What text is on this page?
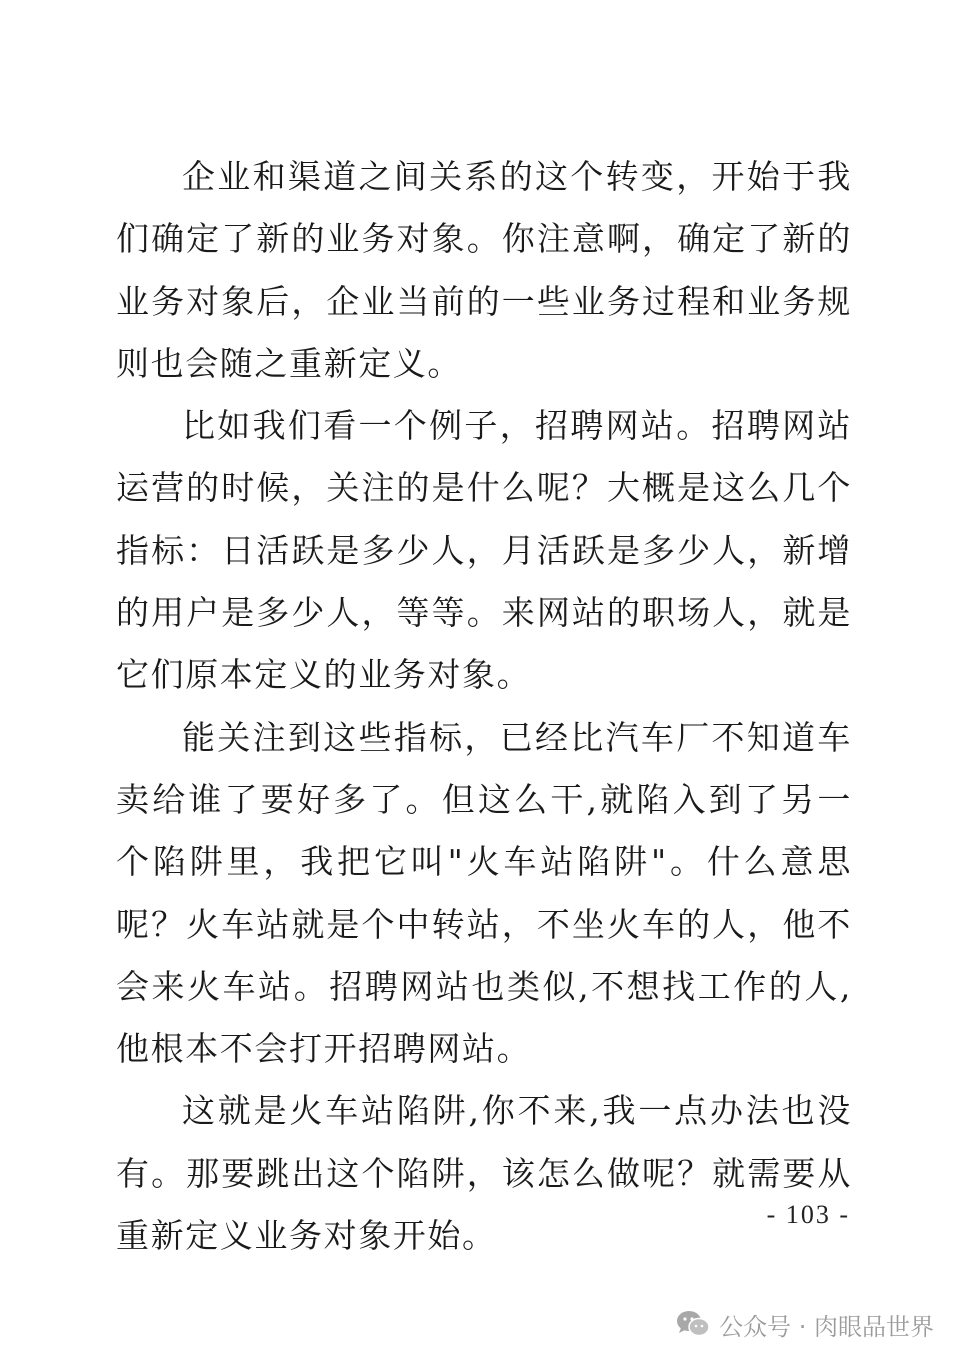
企业和渠道之间关系的这个转变，开始于我们确定了新的业务对象。你注意啊，确定了新的业务对象后，企业当前的一些业务过程和业务规则也会随之重新定义。

比如我们看一个例子，招聘网站。招聘网站运营的时候，关注的是什么呢？大概是这么几个指标：日活跃是多少人，月活跃是多少人，新增的用户是多少人，等等。来网站的职场人，就是它们原本定义的业务对象。

能关注到这些指标，已经比汽车厂不知道车卖给谁了要好多了。但这么干,就陷入到了另一个陷阱里，我把它叫"火车站陷阱"。什么意思呢？火车站就是个中转站，不坐火车的人，他不会来火车站。招聘网站也类似,不想找工作的人,他根本不会打开招聘网站。

这就是火车站陷阱,你不来,我一点办法也没有。那要跳出这个陷阱，该怎么做呢？就需要从重新定义业务对象开始。

- 103 -
公众号 · 肉眼品世界
